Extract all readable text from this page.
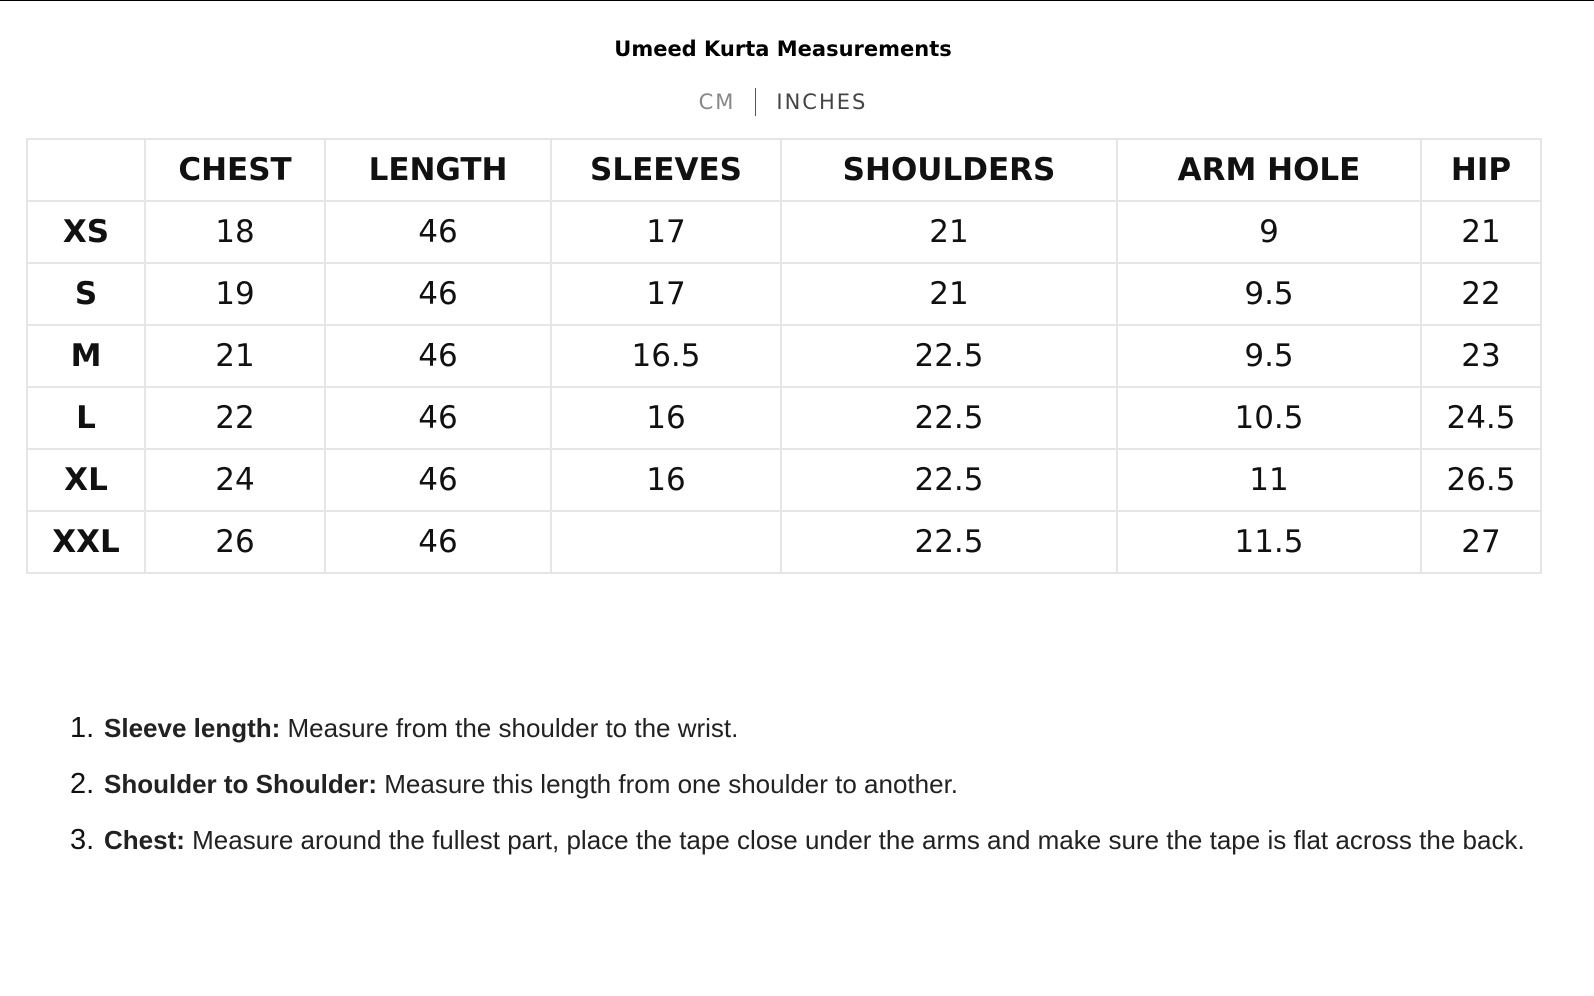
Umeed Kurta Measurements
CM INCHES
	CHEST	LENGTH	SLEEVES	SHOULDERS	ARM HOLE	HIP
XS	18	46	17	21	9	21
S	19	46	17	21	9.5	22
M	21	46	16.5	22.5	9.5	23
L	22	46	16	22.5	10.5	24.5
XL	24	46	16	22.5	11	26.5
XXL	26	46		22.5	11.5	27
1. Sleeve length: Measure from the shoulder to the wrist.
2. Shoulder to Shoulder: Measure this length from one shoulder to another.
3. Chest: Measure around the fullest part, place the tape close under the arms and make sure the tape is flat across the back.
